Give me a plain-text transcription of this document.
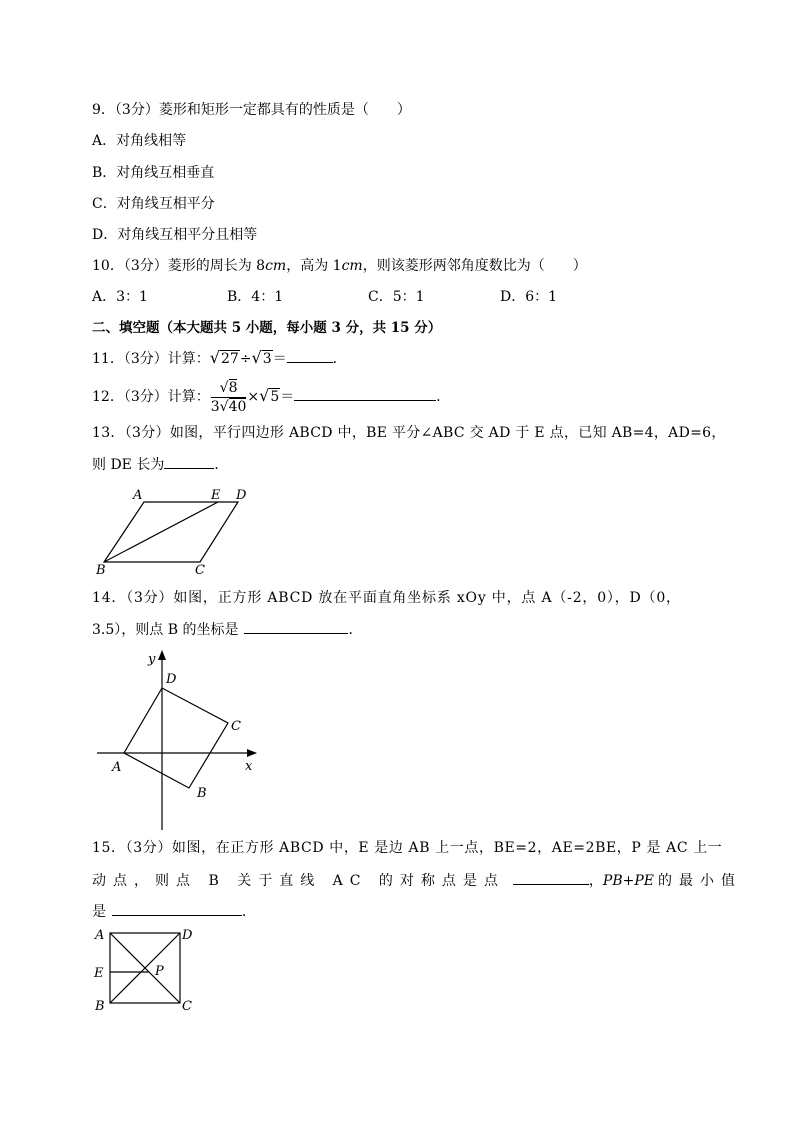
9．（3分）菱形和矩形一定都具有的性质是（　　）
A．对角线相等
B．对角线互相垂直
C．对角线互相平分
D．对角线互相平分且相等
10．（3分）菱形的周长为 8cm，高为 1cm，则该菱形两邻角度数比为（　　）
A．3：1	B．4：1	C．5：1	D．6：1
二、填空题（本大题共 5 小题，每小题 3 分，共 15 分）
11．（3分）计算：√27÷√3＝	．
12．（3分）计算： $\frac{√8}{3√40} \times√5=$	．
13．（3分）如图，平行四边形 ABCD 中，BE 平分∠ABC 交 AD 于 E 点，已知 AB=4，AD=6，
则 DE 长为	．
A	E D
B	C
14．（3分）如图，正方形 ABCD 放在平面直角坐标系 xOy 中，点 A（-2，0），D（0，
3.5），则点 B 的坐标是	．
y
x
A
B
C
D
15．（3分）如图，在正方形 ABCD 中，E 是边 AB 上一点，BE=2，AE=2BE，P 是 AC 上一
动点，则点 B 关于直线 AC 的对称点是点	，PB+PE 的最小值
是	．
A	D
E	P
B	C
